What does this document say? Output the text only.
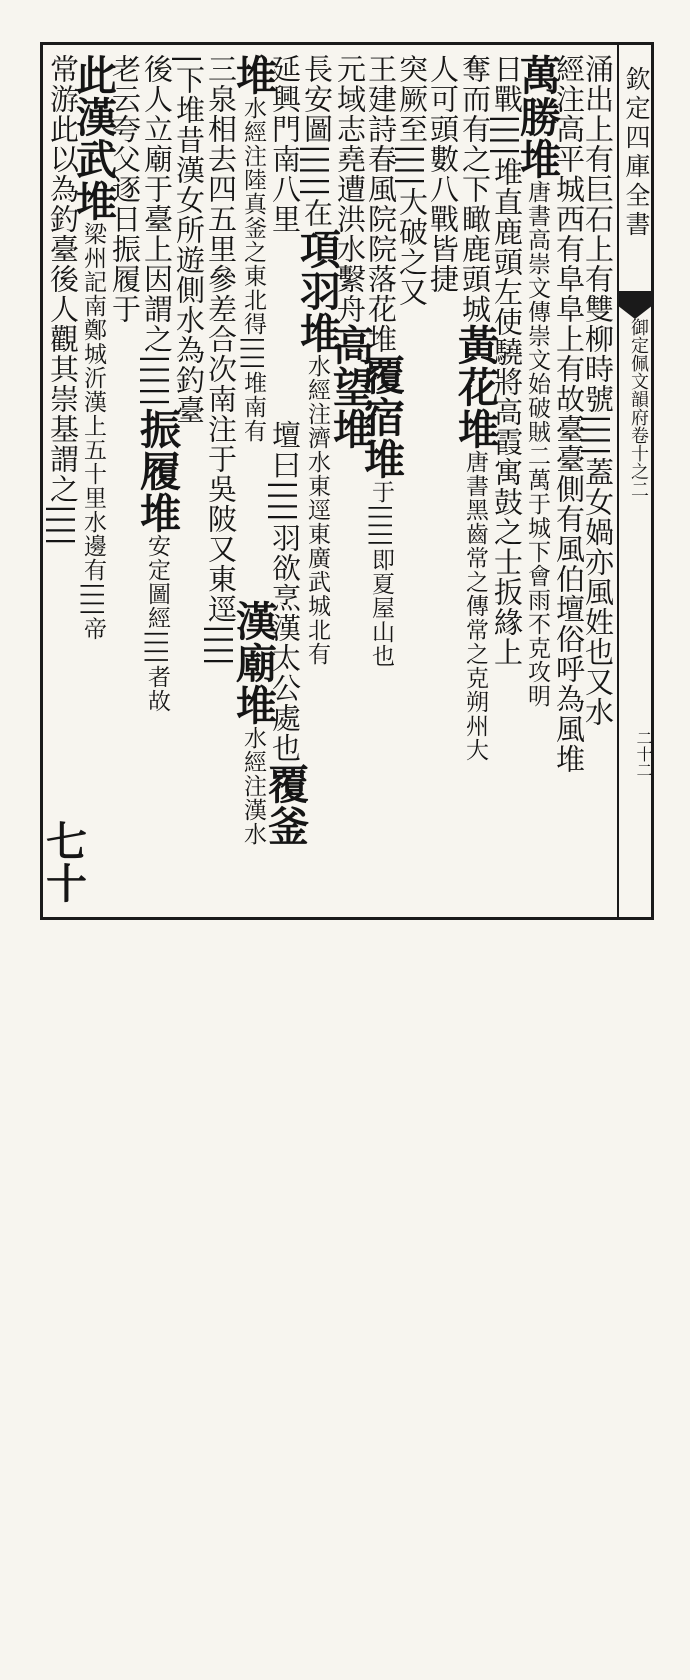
欽定四庫全書
御定佩文韻府卷十之二
二十二
涌出上有巨石上有雙柳時號||||蓋女媧亦風姓也又水
經注高平城西有阜阜上有故臺臺側有風伯壇俗呼為風堆
萬勝堆唐書高崇文傳崇文始破賊二萬于城下會雨不克攻明
日戰||||堆直鹿頭左使驍將高霞寓鼓之士扳緣上
奪而有之下瞰鹿頭城黃花堆唐書黑齒常之傳常之克朔州大
人可頭數八戰皆捷
突厥至||||大破之又
王建詩春風院院落花堆覆宿堆于|||||即夏屋山也
元域志堯遭洪水繫舟高望堆
長安圖|||||在項羽堆水經注濟水東逕東廣武城北有
延興門南八里
壇曰||||羽欲烹漢太公處也覆釜
堆水經注陸真釜之東北得||||堆南有
漢廟堆水經注漢水
三泉相去四五里參差合次南注于吳陂又東逕||||
|下堆昔漢女所遊側水為釣臺
後人立廟于臺上因謂之|||||振履堆安定圖經||||者故
老云夸父逐日振履于
此漢武堆梁州記南鄭城沂漢上五十里水邊有||||帝
常游此以為釣臺後人觀其崇基謂之||||
七十
